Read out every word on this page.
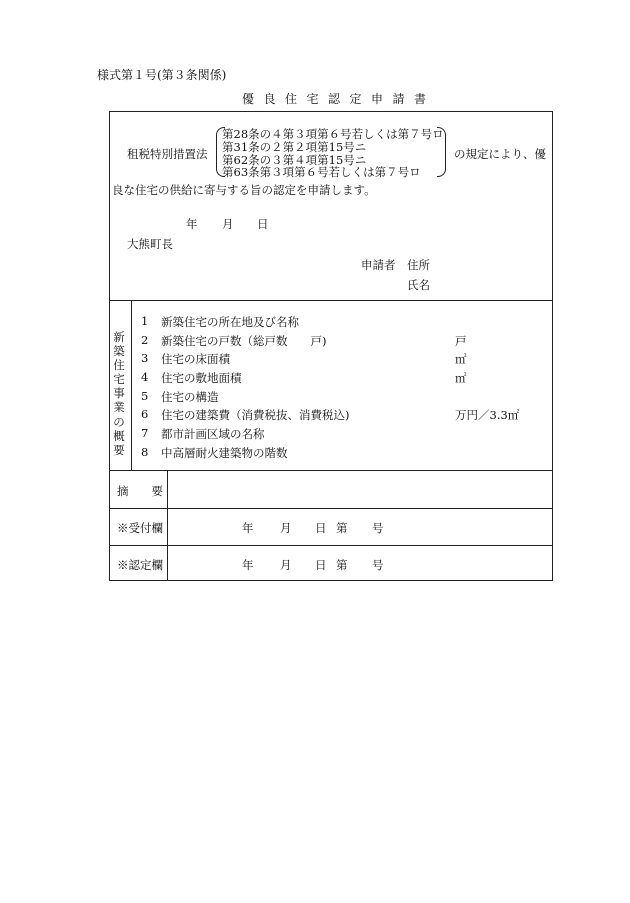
様式第１号(第３条関係)
優良住宅認定申請書
租税特別措置法
第28条の４第３項第６号若しくは第７号ロ
第31条の２第２項第15号ニ
第62条の３第４項第15号ニ
第63条第３項第６号若しくは第７号ロ
の規定により、優
良な住宅の供給に寄与する旨の認定を申請します。
年 月 日
大熊町長
申請者 住所
氏名
新
築
住
宅
事
業
の
概
要
1 新築住宅の所在地及び名称
2 新築住宅の戸数（総戸数　　戸)	戸
3 住宅の床面積	㎡
4 住宅の敷地面積	㎡
5 住宅の構造
6 住宅の建築費（消費税抜、消費税込)	万円／3.3㎡
7 都市計画区域の名称
8 中高層耐火建築物の階数
摘　　要
※受付欄	年 月 日 第 号
※認定欄	年 月 日 第 号
